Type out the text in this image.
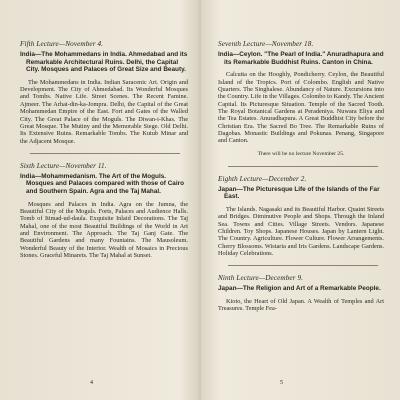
Fifth Lecture—November 4.

India—The Mohammedans in India. Ahmedabad and its Remarkable Architectural Ruins. Delhi, the Capital City. Mosques and Palaces of Great Size and Beauty.

The Mohammedans in India. Indian Saracenic Art. Origin and Development. The City of Ahmedabad. Its Wonderful Mosques and Tombs. Native Life. Street Scenes. The Recent Famine. Ajmeer. The Arhai-din-ka-Jompra. Delhi, the Capital of the Great Mohammedan Empire of the East. Fort and Gates of the Walled City. The Great Palace of the Moguls. The Diwan-i-Khas. The Great Mosque. The Mutiny and the Memorable Siege. Old Delhi. Its Extensive Ruins. Remarkable Tombs. The Kutub Minar and the Adjacent Mosque.

Sixth Lecture—November 11.

India—Mohammedanism. The Art of the Moguls. Mosques and Palaces compared with those of Cairo and Southern Spain. Agra and the Taj Mahal.

Mosques and Palaces in India. Agra on the Jumna, the Beautiful City of the Moguls. Forts, Palaces and Audience Halls. Tomb of Itimad-ud-daula. Exquisite Inlaid Decorations. The Taj Mahal, one of the most Beautiful Buildings of the World in Art and Environment. The Approach. The Taj Ganj Gate. The Beautiful Gardens and many Fountains. The Mausoleum. Wonderful Beauty of the Interior. Wealth of Mosaics in Precious Stones. Graceful Minarets. The Taj Mahal at Sunset.

4

Seventh Lecture—November 18.

India—Ceylon. "The Pearl of India." Anuradhapura and its Remarkable Buddhist Ruins. Canton in China.

Calcutta on the Hooghly, Pondicherry. Ceylon, the Beautiful Island of the Tropics. Port of Colombo. English and Native Quarters. The Singhalese. Abundancy of Nature. Excursions into the Country. Life in the Villages. Colombo to Kandy. The Ancient Capital. Its Picturesque Situation. Temple of the Sacred Tooth. The Royal Botanical Gardens at Peradeniya. Nuwara Eliya and the Tea Estates. Anuradhapura. A Great Buddhist City before the Christian Era. The Sacred Bo Tree. The Remarkable Ruins of Dagobas. Monastic Buildings and Pokunas. Penang, Singapore and Canton.

There will be no lecture November 25.

Eighth Lecture—December 2.

Japan—The Picturesque Life of the Islands of the Far East.

The Islands. Nagasaki and its Beautiful Harbor. Quaint Streets and Bridges. Diminutive People and Shops. Through the Inland Sea. Towns and Cities. Village Streets. Vendors. Japanese Children. Toy Shops. Japanese Houses. Japan by Lantern Light. The Country. Agriculture. Flower Culture. Flower Arrangements. Cherry Blossoms. Wistaria and Iris Gardens. Landscape Gardens. Holiday Celebrations.

Ninth Lecture—December 9.

Japan—The Religion and Art of a Remarkable People.

Kioto, the Heart of Old Japan. A Wealth of Temples and Art Treasures. Temple Fea-

5
